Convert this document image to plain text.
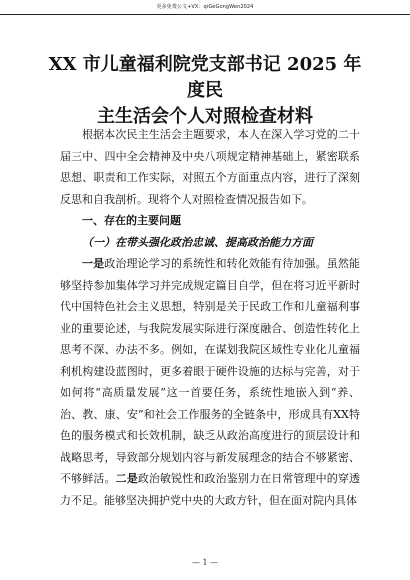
更多免费公文+VX：qiGeGongWen2024
XX 市儿童福利院党支部书记 2025 年度民
主生活会个人对照检查材料

根据本次民主生活会主题要求，本人在深入学习党的二十届三中、四中全会精神及中央八项规定精神基础上，紧密联系思想、职责和工作实际，对照五个方面重点内容，进行了深刻反思和自我剖析。现将个人对照检查情况报告如下。

一、存在的主要问题

（一）在带头强化政治忠诚、提高政治能力方面

一是政治理论学习的系统性和转化效能有待加强。虽然能够坚持参加集体学习并完成规定篇目自学，但在将习近平新时代中国特色社会主义思想，特别是关于民政工作和儿童福利事业的重要论述，与我院发展实际进行深度融合、创造性转化上思考不深、办法不多。例如，在谋划我院区域性专业化儿童福利机构建设蓝图时，更多着眼于硬件设施的达标与完善，对于如何将“高质量发展”这一首要任务，系统性地嵌入到“养、治、教、康、安”和社会工作服务的全链条中，形成具有XX特色的服务模式和长效机制，缺乏从政治高度进行的顶层设计和战略思考，导致部分规划内容与新发展理念的结合不够紧密、不够鲜活。二是政治敏锐性和政治鉴别力在日常管理中的穿透力不足。能够坚决拥护党中央的大政方针，但在面对院内具体

— 1 —
